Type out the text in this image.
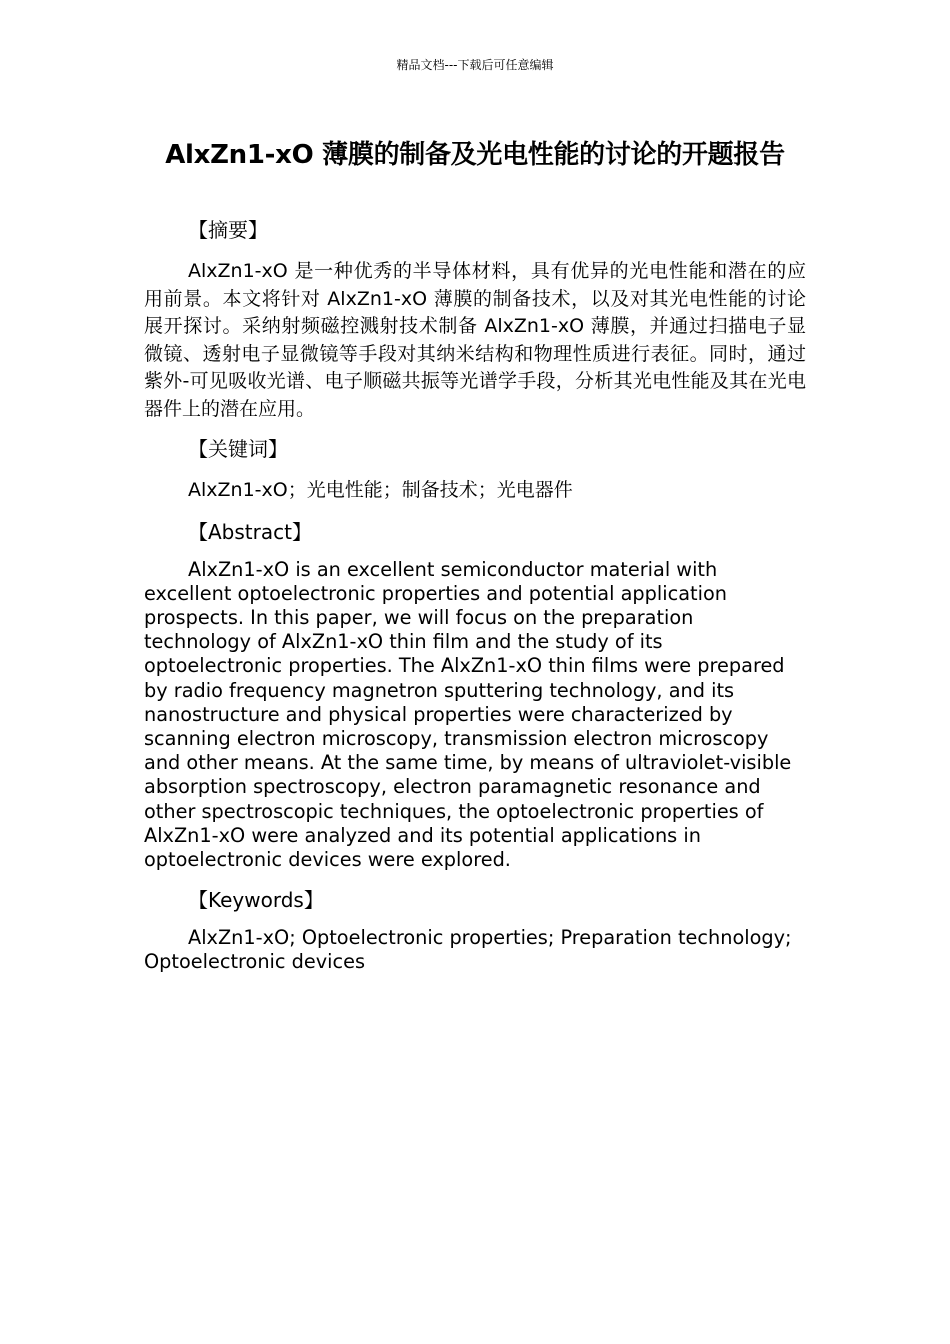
精品文档---下载后可任意编辑
AlxZn1-xO 薄膜的制备及光电性能的讨论的开题报告

【摘要】

AlxZn1-xO 是一种优秀的半导体材料，具有优异的光电性能和潜在的应用前景。本文将针对 AlxZn1-xO 薄膜的制备技术，以及对其光电性能的讨论展开探讨。采纳射频磁控溅射技术制备 AlxZn1-xO 薄膜，并通过扫描电子显微镜、透射电子显微镜等手段对其纳米结构和物理性质进行表征。同时，通过紫外-可见吸收光谱、电子顺磁共振等光谱学手段，分析其光电性能及其在光电器件上的潜在应用。

【关键词】

AlxZn1-xO；光电性能；制备技术；光电器件

【Abstract】

AlxZn1-xO is an excellent semiconductor material with excellent optoelectronic properties and potential application prospects. In this paper, we will focus on the preparation technology of AlxZn1-xO thin film and the study of its optoelectronic properties. The AlxZn1-xO thin films were prepared by radio frequency magnetron sputtering technology, and its nanostructure and physical properties were characterized by scanning electron microscopy, transmission electron microscopy and other means. At the same time, by means of ultraviolet-visible absorption spectroscopy, electron paramagnetic resonance and other spectroscopic techniques, the optoelectronic properties of AlxZn1-xO were analyzed and its potential applications in optoelectronic devices were explored.

【Keywords】

AlxZn1-xO; Optoelectronic properties; Preparation technology; Optoelectronic devices
